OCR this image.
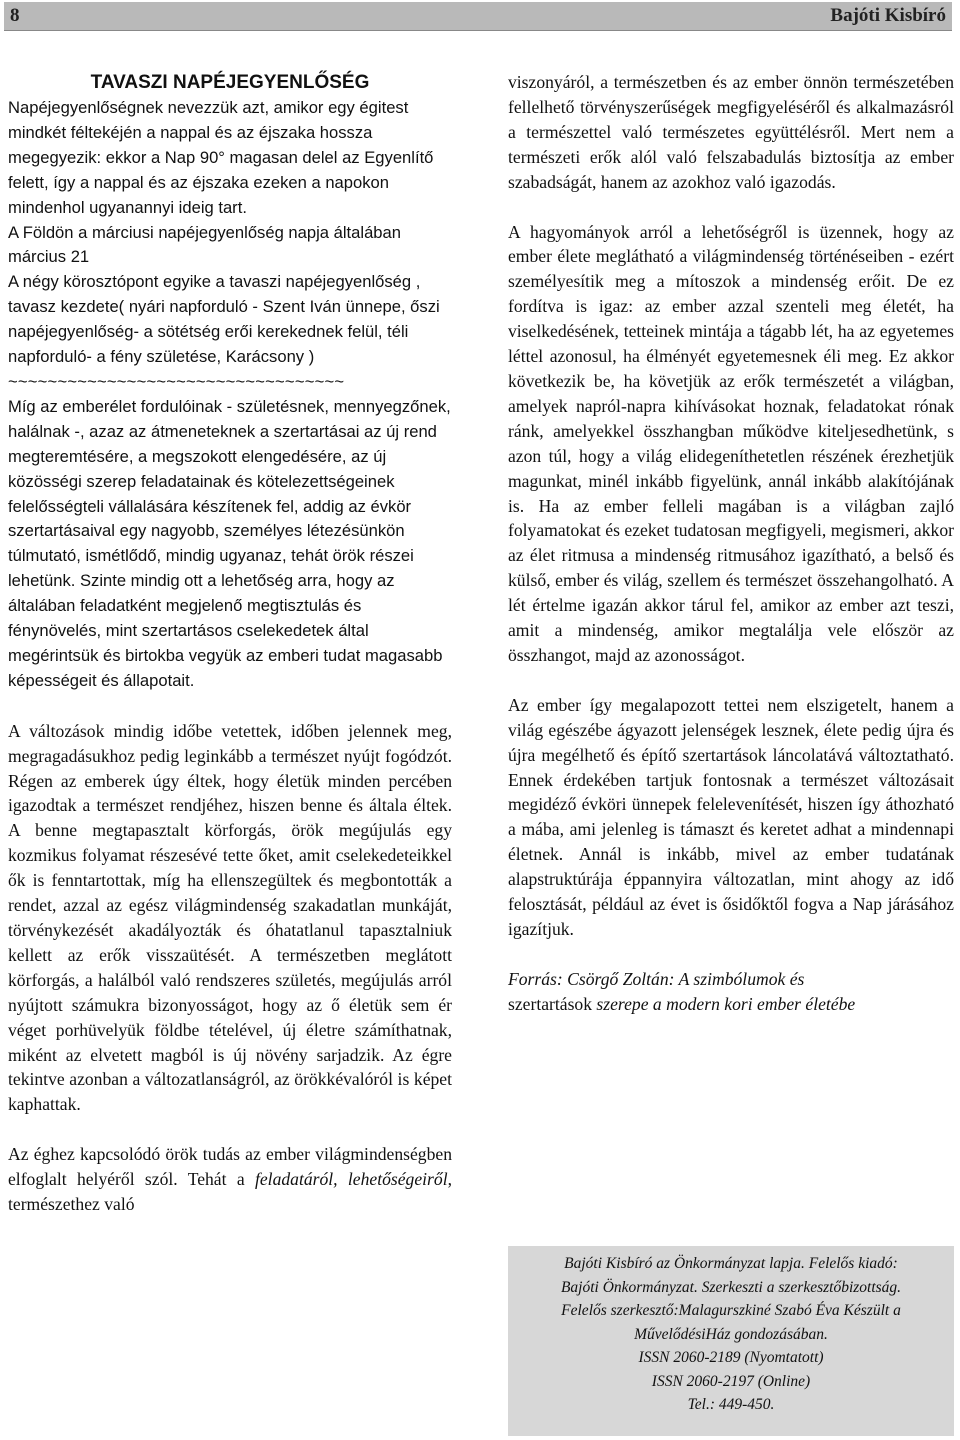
8	Bajóti Kisbíró
TAVASZI NAPÉJEGYENLŐSÉG

Napéjegyenlőségnek nevezzük azt, amikor egy égitest mindkét féltekéjén a nappal és az éjszaka hossza megegyezik: ekkor a Nap 90° magasan delel az Egyenlítő felett, így a nappal és az éjszaka ezeken a napokon mindenhol ugyanannyi ideig tart.

A Földön a márciusi napéjegyenlőség napja általában március 21

A négy körosztópont egyike a tavaszi napéjegyenlőség , tavasz kezdete( nyári napforduló - Szent Iván ünnepe, őszi napéjegyenlőség- a sötétség erői kerekednek felül, téli napforduló- a fény születése, Karácsony )

~~~~~~~~~~~~~~~~~~~~~~~~~~~~~~~~~~

Míg az emberélet fordulóinak - születésnek, mennyegzőnek, halálnak -, azaz az átmeneteknek a szertartásai az új rend megteremtésére, a megszokott elengedésére, az új közösségi szerep feladatainak és kötelezettségeinek felelősségteli vállalására készítenek fel, addig az évkör szertartásaival egy nagyobb, személyes létezésünkön túlmutató, ismétlődő, mindig ugyanaz, tehát örök részei lehetünk. Szinte mindig ott a lehetőség arra, hogy az általában feladatként megjelenő megtisztulás és fénynövelés, mint szertartásos cselekedetek által megérintsük és birtokba vegyük az emberi tudat magasabb képességeit és állapotait.

A változások mindig időbe vetettek, időben jelennek meg, megragadásukhoz pedig leginkább a természet nyújt fogódzót. Régen az emberek úgy éltek, hogy életük minden percében igazodtak a természet rendjéhez, hiszen benne és általa éltek. A benne megtapasztalt körforgás, örök megújulás egy kozmikus folyamat részesévé tette őket, amit cselekedeteikkel ők is fenntartottak, míg ha ellenszegültek és megbontották a rendet, azzal az egész világmindenség szakadatlan munkáját, törvénykezését akadályozták és óhatatlanul tapasztalniuk kellett az erők visszaütését. A természetben meglátott körforgás, a halálból való rendszeres születés, megújulás arról nyújtott számukra bizonyosságot, hogy az ő életük sem ér véget porhüvelyük földbe tételével, új életre számíthatnak, miként az elvetett magból is új növény sarjadzik. Az égre tekintve azonban a változatlanságról, az örökkévalóról is képet kaphattak.

Az éghez kapcsolódó örök tudás az ember világmindenségben elfoglalt helyéről szól. Tehát a feladatáról, lehetőségeiről, természethez való

viszonyáról, a természetben és az ember önnön természetében fellelhető törvényszerűségek megfigyeléséről és alkalmazásról a természettel való természetes együttélésről. Mert nem a természeti erők alól való felszabadulás biztosítja az ember szabadságát, hanem az azokhoz való igazodás.

A hagyományok arról a lehetőségről is üzennek, hogy az ember élete meglátható a világmindenség történéseiben - ezért személyesítik meg a mítoszok a mindenség erőit. De ez fordítva is igaz: az ember azzal szenteli meg életét, ha viselkedésének, tetteinek mintája a tágabb lét, ha az egyetemes léttel azonosul, ha élményét egyetemesnek éli meg. Ez akkor következik be, ha követjük az erők természetét a világban, amelyek napról-napra kihívásokat hoznak, feladatokat rónak ránk, amelyekkel összhangban működve kiteljesedhetünk, s azon túl, hogy a világ elidegeníthetetlen részének érezhetjük magunkat, minél inkább figyelünk, annál inkább alakítójának is. Ha az ember felleli magában is a világban zajló folyamatokat és ezeket tudatosan megfigyeli, megismeri, akkor az élet ritmusa a mindenség ritmusához igazítható, a belső és külső, ember és világ, szellem és természet összehangolható. A lét értelme igazán akkor tárul fel, amikor az ember azt teszi, amit a mindenség, amikor megtalálja vele először az összhangot, majd az azonosságot.

Az ember így megalapozott tettei nem elszigetelt, hanem a világ egészébe ágyazott jelenségek lesznek, élete pedig újra és újra megélhető és építő szertartások láncolatává változtatható. Ennek érdekében tartjuk fontosnak a természet változásait megidéző évköri ünnepek felelevenítését, hiszen így áthozható a mába, ami jelenleg is támaszt és keretet adhat a mindennapi életnek. Annál is inkább, mivel az ember tudatának alapstruktúrája éppannyira változatlan, mint ahogy az idő felosztását, például az évet is ősidőktől fogva a Nap járásához igazítjuk.

Forrás: Csörgő Zoltán: A szimbólumok és
szertartások szerepe a modern kori ember életébe

Bajóti Kisbíró az Önkormányzat lapja. Felelős kiadó:
Bajóti Önkormányzat. Szerkeszti a szerkesztőbizottság.
Felelős szerkesztő:Malagurszkiné Szabó Éva Készült a
MűvelődésiHáz gondozásában.
ISSN 2060-2189 (Nyomtatott)
ISSN 2060-2197 (Online)
Tel.: 449-450.
